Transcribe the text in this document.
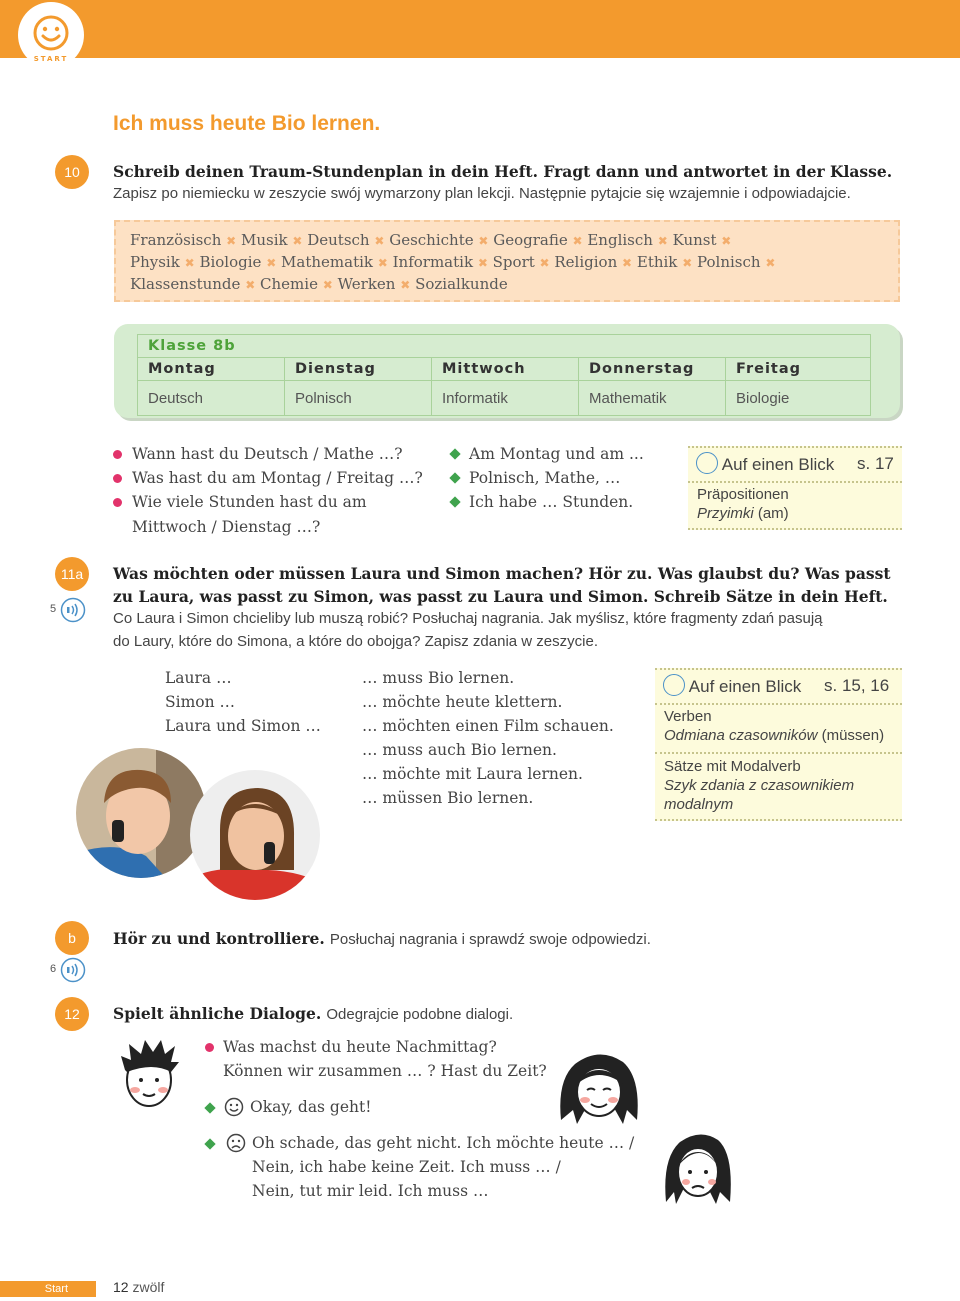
START
Ich muss heute Bio lernen.
10	Schreib deinen Traum-Stundenplan in dein Heft. Fragt dann und antwortet in der Klasse.
Zapisz po niemiecku w zeszycie swój wymarzony plan lekcji. Następnie pytajcie się wzajemnie i odpowiadajcie.
Französisch ✖ Musik ✖ Deutsch ✖ Geschichte ✖ Geografie ✖ Englisch ✖ Kunst ✖
Physik ✖ Biologie ✖ Mathematik ✖ Informatik ✖ Sport ✖ Religion ✖ Ethik ✖ Polnisch ✖
Klassenstunde ✖ Chemie ✖ Werken ✖ Sozialkunde
Klasse 8b				
Montag	Dienstag	Mittwoch	Donnerstag	Freitag
Deutsch	Polnisch	Informatik	Mathematik	Biologie
Wann hast du Deutsch / Mathe …?
Was hast du am Montag / Freitag …?
Wie viele Stunden hast du am
Mittwoch / Dienstag …?
Am Montag und am ...
Polnisch, Mathe, …
Ich habe … Stunden.
Auf einen Blick s. 17
Präpositionen
Przyimki (am)
11a
5
Was möchten oder müssen Laura und Simon machen? Hör zu. Was glaubst du? Was passt
zu Laura, was passt zu Simon, was passt zu Laura und Simon. Schreib Sätze in dein Heft.
Co Laura i Simon chcieliby lub muszą robić? Posłuchaj nagrania. Jak myślisz, które fragmenty zdań pasują
do Laury, które do Simona, a które do obojga? Zapisz zdania w zeszycie.
Laura …
Simon …
Laura und Simon …
… muss Bio lernen.
… möchte heute klettern.
… möchten einen Film schauen.
… muss auch Bio lernen.
… möchte mit Laura lernen.
… müssen Bio lernen.
Auf einen Blick s. 15, 16
Verben
Odmiana czasowników (müssen)
Sätze mit Modalverb
Szyk zdania z czasownikiem
modalnym
b
6
Hör zu und kontrolliere. Posłuchaj nagrania i sprawdź swoje odpowiedzi.
12	Spielt ähnliche Dialoge. Odegrajcie podobne dialogi.
Was machst du heute Nachmittag?
Können wir zusammen … ? Hast du Zeit?
Okay, das geht!
Oh schade, das geht nicht. Ich möchte heute … /
Nein, ich habe keine Zeit. Ich muss … /
Nein, tut mir leid. Ich muss …
Start	12 zwölf
